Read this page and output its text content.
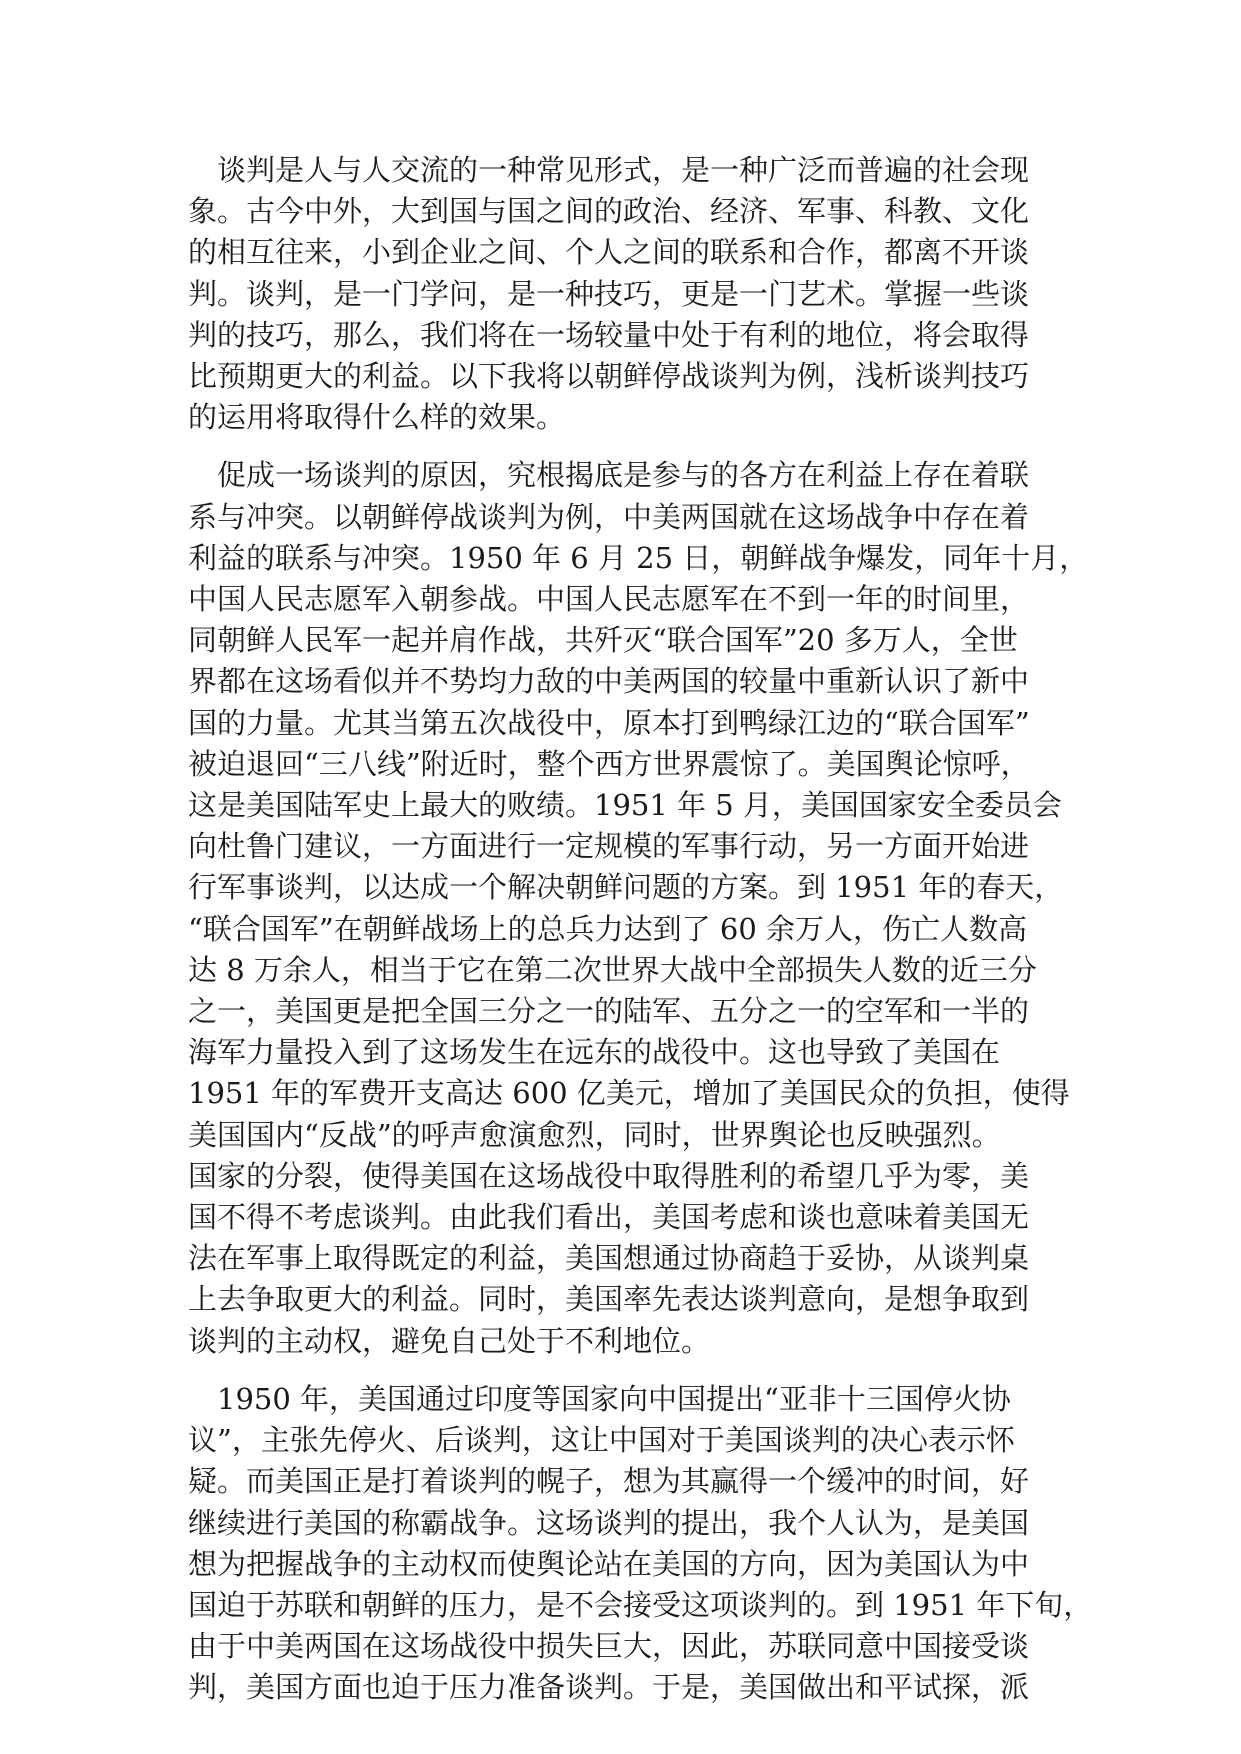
谈判是人与人交流的一种常见形式，是一种广泛而普遍的社会现
象。古今中外，大到国与国之间的政治、经济、军事、科教、文化
的相互往来，小到企业之间、个人之间的联系和合作，都离不开谈
判。谈判，是一门学问，是一种技巧，更是一门艺术。掌握一些谈
判的技巧，那么，我们将在一场较量中处于有利的地位，将会取得
比预期更大的利益。以下我将以朝鲜停战谈判为例，浅析谈判技巧
的运用将取得什么样的效果。
促成一场谈判的原因，究根揭底是参与的各方在利益上存在着联
系与冲突。以朝鲜停战谈判为例，中美两国就在这场战争中存在着
利益的联系与冲突。1950 年 6 月 25 日，朝鲜战争爆发，同年十月，
中国人民志愿军入朝参战。中国人民志愿军在不到一年的时间里，
同朝鲜人民军一起并肩作战，共歼灭“联合国军”20 多万人，全世
界都在这场看似并不势均力敌的中美两国的较量中重新认识了新中
国的力量。尤其当第五次战役中，原本打到鸭绿江边的“联合国军”
被迫退回“三八线”附近时，整个西方世界震惊了。美国舆论惊呼，
这是美国陆军史上最大的败绩。1951 年 5 月，美国国家安全委员会
向杜鲁门建议，一方面进行一定规模的军事行动，另一方面开始进
行军事谈判，以达成一个解决朝鲜问题的方案。到 1951 年的春天，
“联合国军”在朝鲜战场上的总兵力达到了 60 余万人，伤亡人数高
达 8 万余人，相当于它在第二次世界大战中全部损失人数的近三分
之一，美国更是把全国三分之一的陆军、五分之一的空军和一半的
海军力量投入到了这场发生在远东的战役中。这也导致了美国在
1951 年的军费开支高达 600 亿美元，增加了美国民众的负担，使得
美国国内“反战”的呼声愈演愈烈，同时，世界舆论也反映强烈。
国家的分裂，使得美国在这场战役中取得胜利的希望几乎为零，美
国不得不考虑谈判。由此我们看出，美国考虑和谈也意味着美国无
法在军事上取得既定的利益，美国想通过协商趋于妥协，从谈判桌
上去争取更大的利益。同时，美国率先表达谈判意向，是想争取到
谈判的主动权，避免自己处于不利地位。
1950 年，美国通过印度等国家向中国提出“亚非十三国停火协
议”，主张先停火、后谈判，这让中国对于美国谈判的决心表示怀
疑。而美国正是打着谈判的幌子，想为其赢得一个缓冲的时间，好
继续进行美国的称霸战争。这场谈判的提出，我个人认为，是美国
想为把握战争的主动权而使舆论站在美国的方向，因为美国认为中
国迫于苏联和朝鲜的压力，是不会接受这项谈判的。到 1951 年下旬，
由于中美两国在这场战役中损失巨大，因此，苏联同意中国接受谈
判，美国方面也迫于压力准备谈判。于是，美国做出和平试探，派
